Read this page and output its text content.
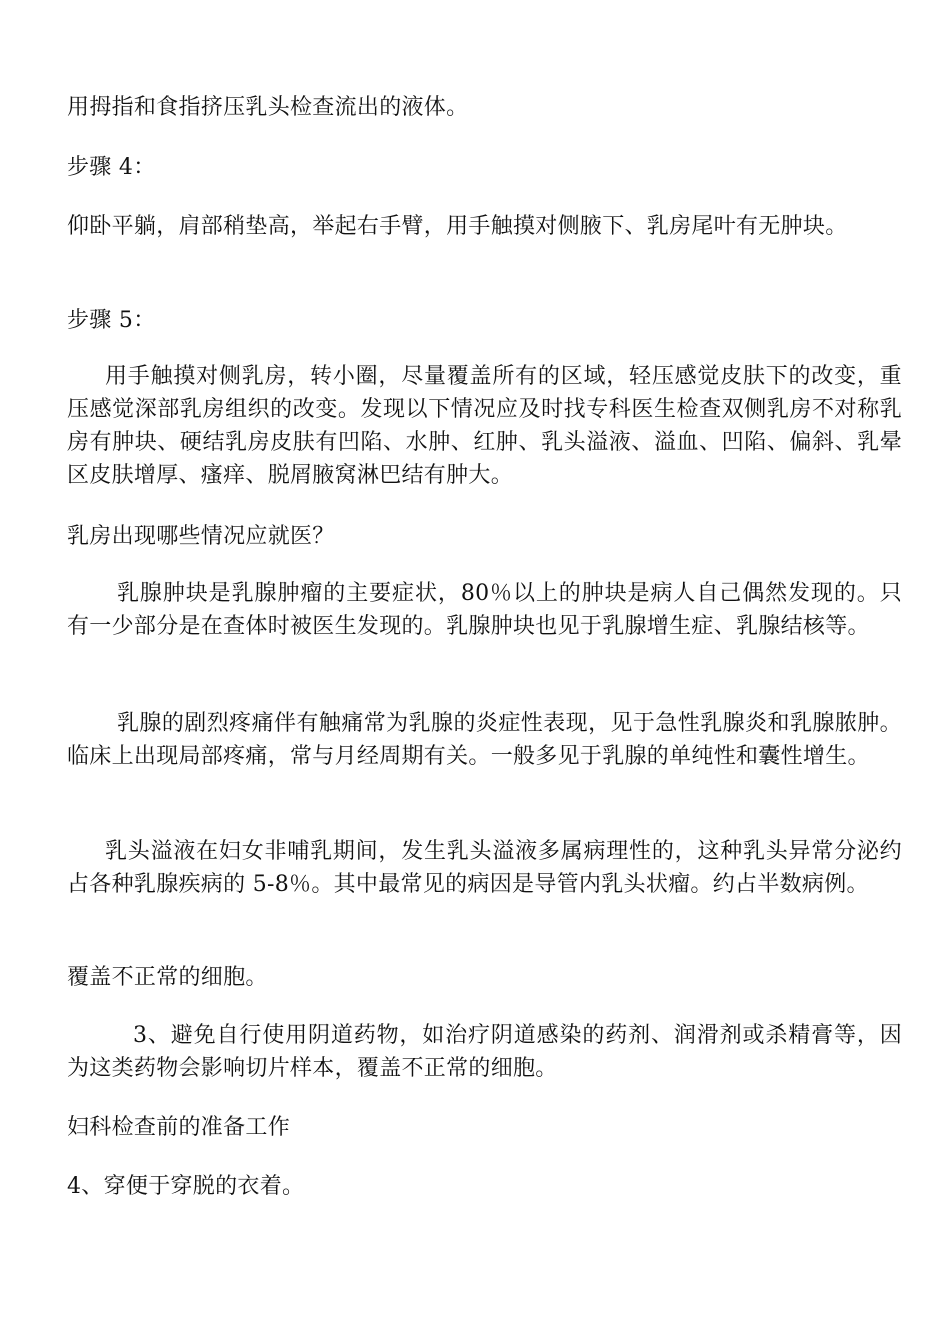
用拇指和食指挤压乳头检查流出的液体。

步骤 4：

仰卧平躺，肩部稍垫高，举起右手臂，用手触摸对侧腋下、乳房尾叶有无肿块。

步骤 5：

用手触摸对侧乳房，转小圈，尽量覆盖所有的区域，轻压感觉皮肤下的改变，重压感觉深部乳房组织的改变。发现以下情况应及时找专科医生检查双侧乳房不对称乳房有肿块、硬结乳房皮肤有凹陷、水肿、红肿、乳头溢液、溢血、凹陷、偏斜、乳晕区皮肤增厚、瘙痒、脱屑腋窝淋巴结有肿大。

乳房出现哪些情况应就医？

乳腺肿块是乳腺肿瘤的主要症状，80％以上的肿块是病人自己偶然发现的。只有一少部分是在查体时被医生发现的。乳腺肿块也见于乳腺增生症、乳腺结核等。

乳腺的剧烈疼痛伴有触痛常为乳腺的炎症性表现，见于急性乳腺炎和乳腺脓肿。临床上出现局部疼痛，常与月经周期有关。一般多见于乳腺的单纯性和囊性增生。

乳头溢液在妇女非哺乳期间，发生乳头溢液多属病理性的，这种乳头异常分泌约占各种乳腺疾病的 5-8％。其中最常见的病因是导管内乳头状瘤。约占半数病例。

覆盖不正常的细胞。

3、避免自行使用阴道药物，如治疗阴道感染的药剂、润滑剂或杀精膏等，因为这类药物会影响切片样本，覆盖不正常的细胞。

妇科检查前的准备工作

4、穿便于穿脱的衣着。
